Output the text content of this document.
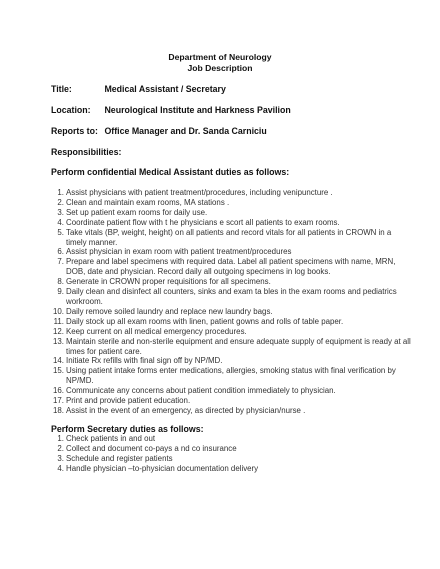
Department of Neurology
Job Description
Title:	Medical Assistant / Secretary
Location: Neurological Institute and Harkness Pavilion
Reports to: Office Manager and Dr. Sanda Carniciu
Responsibilities:
Perform confidential Medical Assistant duties as follows:
1. Assist physicians with patient treatment/procedures, including venipuncture .
2. Clean and maintain exam rooms, MA stations .
3. Set up patient exam rooms for daily use.
4. Coordinate patient flow with t he physicians e scort all patients to exam rooms.
5. Take vitals (BP, weight, height) on all patients and record vitals for all patients in CROWN in a timely manner.
6. Assist physician in exam room with patient treatment/procedures
7. Prepare and label specimens with required data. Label all patient specimens with name, MRN, DOB, date and physician. Record daily all outgoing specimens in log books.
8. Generate in CROWN proper requisitions for all specimens.
9. Daily clean and disinfect all counters, sinks and exam ta bles in the exam rooms and pediatrics workroom.
10. Daily remove soiled laundry and replace new laundry bags.
11. Daily stock up all exam rooms with linen, patient gowns and rolls of table paper.
12. Keep current on all medical emergency procedures.
13. Maintain sterile and non-sterile equipment and ensure adequate supply of equipment is ready at all times for patient care.
14. Initiate Rx refills with final sign off by NP/MD.
15. Using patient intake forms enter medications, allergies, smoking status with final verification by NP/MD.
16. Communicate any concerns about patient condition immediately to physician.
17. Print and provide patient education.
18. Assist in the event of an emergency, as directed by physician/nurse .
Perform Secretary duties as follows:
1. Check patients in and out
2. Collect and document co-pays a nd co insurance
3. Schedule and register patients
4. Handle physician –to-physician documentation delivery
